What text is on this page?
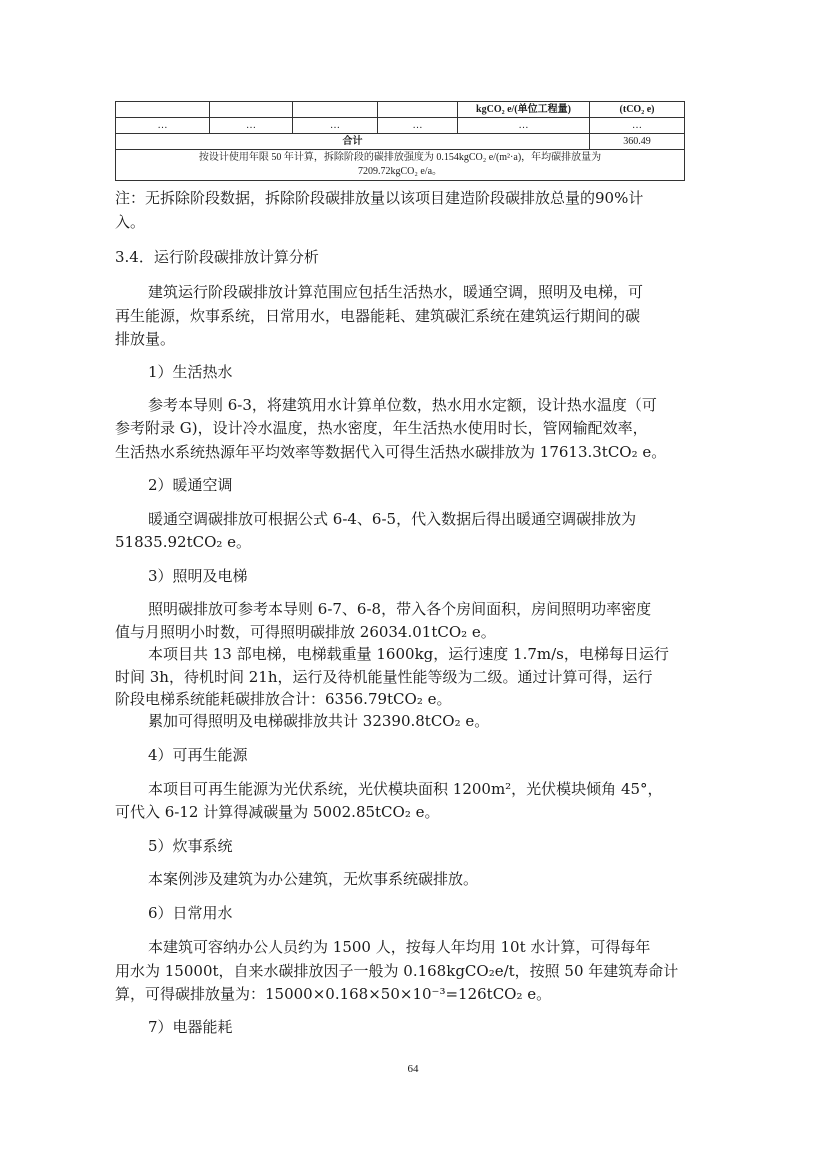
				kgCO₂ e/(单位工程量)	(tCO₂ e)
…	…	…	…	…	…
合计					360.49

按设计使用年限 50 年计算，拆除阶段的碳排放强度为 0.154kgCO₂ e/(m²·a)，年均碳排放量为
7209.72kgCO₂ e/a。					
注：无拆除阶段数据，拆除阶段碳排放量以该项目建造阶段碳排放总量的90%计
入。
3.4．运行阶段碳排放计算分析
建筑运行阶段碳排放计算范围应包括生活热水，暖通空调，照明及电梯，可
再生能源，炊事系统，日常用水，电器能耗、建筑碳汇系统在建筑运行期间的碳
排放量。
1）生活热水
参考本导则 6-3，将建筑用水计算单位数，热水用水定额，设计热水温度（可
参考附录 G)，设计冷水温度，热水密度，年生活热水使用时长，管网输配效率，
生活热水系统热源年平均效率等数据代入可得生活热水碳排放为 17613.3tCO₂ e。
2）暖通空调
暖通空调碳排放可根据公式 6-4、6-5，代入数据后得出暖通空调碳排放为
51835.92tCO₂ e。
3）照明及电梯
照明碳排放可参考本导则 6-7、6-8，带入各个房间面积，房间照明功率密度
值与月照明小时数，可得照明碳排放 26034.01tCO₂ e。
本项目共 13 部电梯，电梯载重量 1600kg，运行速度 1.7m/s，电梯每日运行
时间 3h，待机时间 21h，运行及待机能量性能等级为二级。通过计算可得，运行
阶段电梯系统能耗碳排放合计：6356.79tCO₂ e。
累加可得照明及电梯碳排放共计 32390.8tCO₂ e。
4）可再生能源
本项目可再生能源为光伏系统，光伏模块面积 1200m²，光伏模块倾角 45°，
可代入 6-12 计算得减碳量为 5002.85tCO₂ e。
5）炊事系统
本案例涉及建筑为办公建筑，无炊事系统碳排放。
6）日常用水
本建筑可容纳办公人员约为 1500 人，按每人年均用 10t 水计算，可得每年
用水为 15000t，自来水碳排放因子一般为 0.168kgCO₂e/t，按照 50 年建筑寿命计
算，可得碳排放量为：15000×0.168×50×10⁻³=126tCO₂ e。
7）电器能耗
64
